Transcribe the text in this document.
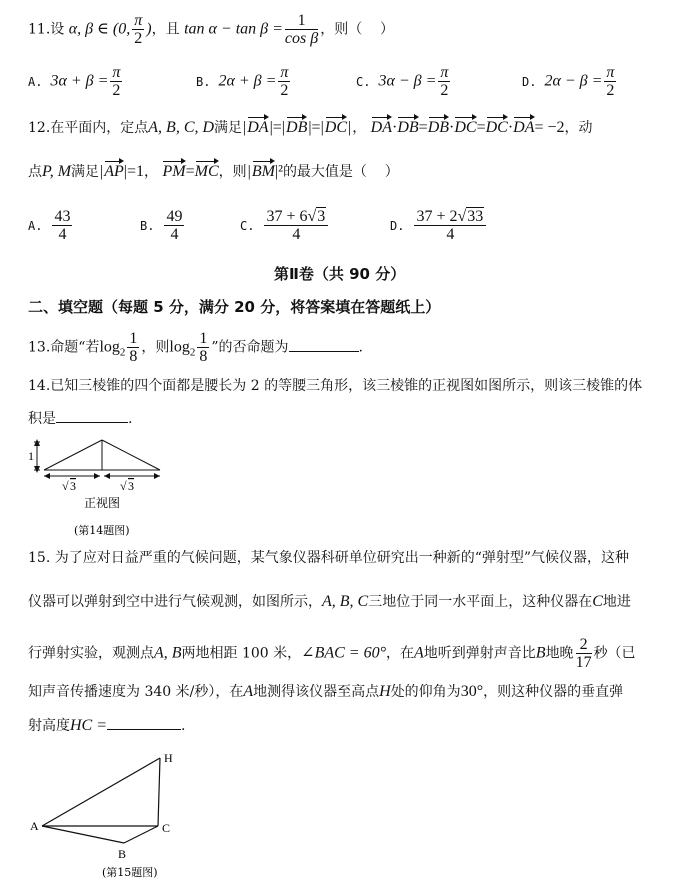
11.设 α, β ∈ (0, $\frac{\pi}{2}$ )，且 $\tan \alpha - \tan \beta = \frac{1}{\text{cos β}}$ ，则（ ）
A. $3\alpha + \beta = \frac{\pi}{2}$	B. $2\alpha + \beta = \frac{\pi}{2}$	C. $3\alpha - \beta = \frac{\pi}{2}$	D. $2\alpha - \beta = \frac{\pi}{2}$
12.在平面内，定点A, B, C, D满足|DA|=|DB|=|DC|， DA·DB=DB·DC=DC·DA= −2，动
点P, M满足|AP|=1， PM=MC，则|BM|²的最大值是（ ）
A. $\frac{43}{4}$	B. $\frac{49}{4}$	C. $\frac{37 + 6√3}{4}$	D. $\frac{37 + 2√33}{4}$
第Ⅱ卷（共 90 分）
二、填空题（每题 5 分，满分 20 分，将答案填在答题纸上）
13.命题“若$\log_2 \frac{1}{8}$ ，则$\log_2 \frac{1}{8}$ ”的否命题为	.
14.已知三棱锥的四个面都是腰长为 2 的等腰三角形，该三棱锥的正视图如图所示，则该三棱锥的体
积是	.
1
√ 3	√ 3
正视图
(第14题图)
15. 为了应对日益严重的气候问题，某气象仪器科研单位研究出一种新的“弹射型”气候仪器，这种
仪器可以弹射到空中进行气候观测，如图所示，A, B, C三地位于同一水平面上，这种仪器在C地进
行弹射实验，观测点A, B两地相距 100 米，∠BAC = 60°，在A地听到弹射声音比B地晚 $\frac{2}{17}$ 秒（已
知声音传播速度为 340 米/秒），在A地测得该仪器至高点H处的仰角为30°，则这种仪器的垂直弹
射高度HC =	.
H
A	C
B
(第15题图)
